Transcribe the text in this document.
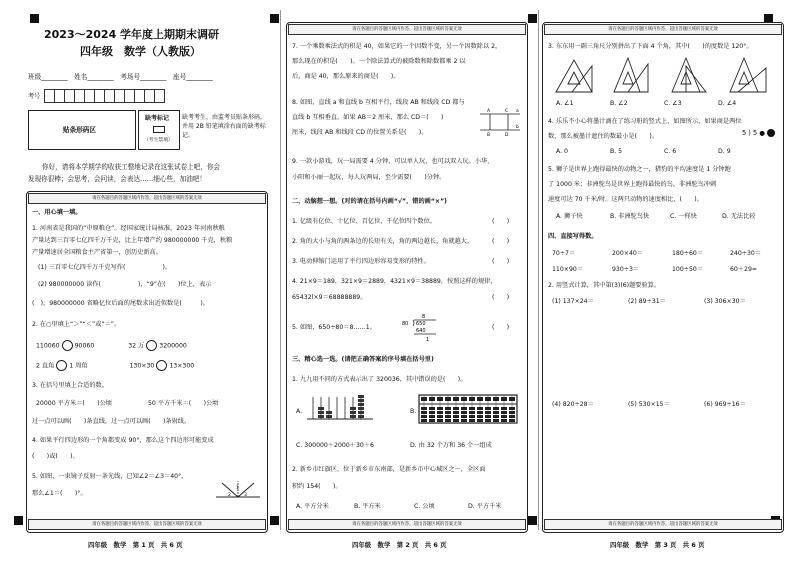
2023～2024 学年度上期期末调研
四年级　数学（人教版）
班级________　姓名________　考场号________　座号________
考号
贴条形码区
缺考标记
（考生禁填）
缺考考生，由监考员贴条形码，并用 2B 铅笔填涂右面的缺考标记。
你好，请将本学期学的收获工整地记录在这张试卷上吧，你会
发现你很棒；会思考，会问读，会表达……细心些，加油吧！
请在各题目的答题区域内作答，超出答题区域的答案无效
一、用心填一填。
1. 河南省是我国的“中原粮仓”。经国家统计局核准，2023 年河南秋粮
产量达到三百零七亿四千万千克，比上年增产约 980000000 千克，秋粮
产量增速居全国粮食主产省第一，创历史新高。
(1) 三百零七亿四千万千克写作(　　　　　　)。
(2) 980000000 读作(　　　　　　)，“9”在(　　)位上，表示
(　)，980000000 省略亿位后面的尾数求出近似数是(　　　)。
2. 在○里填上“＞”“＜”或“＝”。
110060 90060	32 万 3200000
2 直角 1 周角	130×30 13×300
3. 在括号里填上合适的数。
20000 平方米＝(　　)公顷	50 平方千米＝(　　)公顷
过一点可以画(　　)条直线，过一点可以画(　　)条射线。
4. 如果平行四边形的一个角都变成 90°，那么这个四边形可能变成
(　　)或(　　)。
5. 如图，一束镜子反射一条光线，已知∠2＝∠3＝40°，
那么∠1＝(　　)°。
1
2	3
请在各题目的答题区域内作答，超出答题区域的答案无效
四年级　数学　第 1 页　共 6 页
请在各题目的答题区域内作答，超出答题区域的答案无效
7. 一个乘数乘法式的积是 40，如果它的一个因数不变，另一个因数除以 2，
那么现在的积是(　　)。一个除法算式的被除数和除数都乘 2 以
后，商是 40，那么原来的商是(　　)。
8. 如图，直线 a 和直线 b 互相平行，线段 AB 和线段 CD 都与
直线 b 互相垂直，如果 AB＝2 厘米，那么 CD＝(　　)
厘米，线段 AB 和线段 CD 的位置关系是(　　)。
A	C a
b
B	D
9. 一款小游戏，玩一局需要 4 分钟，可以单人玩，也可以双人玩。小华、
小阳和小丽一起玩，每人玩两局，至少需要(　　)分钟。
二、动脑想一想。(对的请在括号内画“√”，错的画“×”)
1. 亿级有亿位、十亿位、百亿位、千亿位四个数位。	(　　)
2. 角的大小与角的两条边的长短有关，角的两边越长，角就越大。	(　　)
3. 电动伸缩门运用了平行四边形容易变形的特性。	(　　)
4. 21×9＝189，321×9＝2889，4321×9＝38889，按照这样的规律，
65432l×9＝68888889。	(　　)
5. 如图，650÷80＝8……1。	(　　)
8
80 650
640
1
三、精心选一选。(请把正确答案的序号填在括号里)
1. 九九用不同的方式表示出了 320036，其中错误的是(　　)。
A.	B.
C. 300000＋2000＋30＋6	D. 由 32 个万和 36 个一组成
2. 新乡市红旗区，位于新乡市东南部，是新乡市中心城区之一，全区面
积约 154(　　)。
A. 平方分米	B. 平方米	C. 公顷	D. 平方千米
请在各题目的答题区域内作答，超出答题区域的答案无效
四年级　数学　第 2 页　共 6 页
请在各题目的答题区域内作答，超出答题区域的答案无效
3. 东东用一副三角尺分别拼出了下面 4 个角，其中(　　)的度数是 120°。
A. ∠1	B. ∠2	C. ∠3	D. ∠4
4. 乐乐不小心将墨汁滴在了练习册的竖式上，如图所示，如果商是两位
数，那么被墨汁遮住的数最小是(　　)。	5 ) 5 ●
A. 0	B. 5	C. 6	D. 9
5. 狮子是世界上跑得最快的动物之一，猎豹的平均速度是 1 分钟跑
了 1000 米；非洲鸵鸟是世界上跑得最快的鸟，非洲鸵鸟冲刺
速度可达 70 千米/时。这两只动物的速度相比，(　　)。
A. 狮子快	B. 非洲鸵鸟快	C. 一样快	D. 无法比较
四、直接写得数。
70÷7＝	200×40＝	180÷60＝	240÷30＝
110×90＝	930÷3＝	100÷50＝	60＋29≈
2. 用竖式计算，其中第(3)(6)题要验算。
(1) 137×24＝	(2) 89÷31＝	(3) 306×30＝
(4) 820÷28＝	(5) 530×15＝	(6) 969÷16＝
请在各题目的答题区域内作答，超出答题区域的答案无效
四年级　数学　第 3 页　共 6 页
